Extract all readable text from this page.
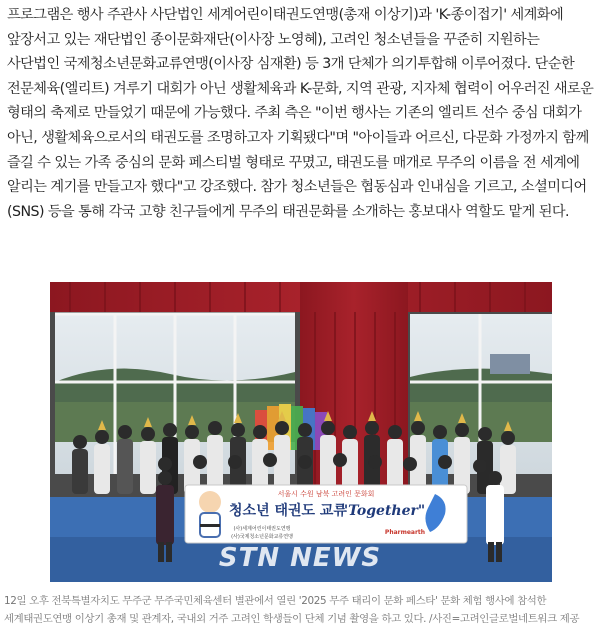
프로그램은 행사 주관사 사단법인 세계어린이태권도연맹(총재 이상기)과 'K-종이접기' 세계화에 앞장서고 있는 재단법인 종이문화재단(이사장 노영혜), 고려인 청소년들을 꾸준히 지원하는 사단법인 국제청소년문화교류연맹(이사장 심재환) 등 3개 단체가 의기투합해 이루어졌다. 단순한 전문체육(엘리트) 겨루기 대회가 아닌 생활체육과 K-문화, 지역 관광, 지자체 협력이 어우러진 새로운 형태의 축제로 만들었기 때문에 가능했다. 주최 측은 "이번 행사는 기존의 엘리트 선수 중심 대회가 아닌, 생활체육으로서의 태권도를 조명하고자 기획됐다"며 "아이들과 어르신, 다문화 가정까지 함께 즐길 수 있는 가족 중심의 문화 페스티벌 형태로 꾸몄고, 태권도를 매개로 무주의 이름을 전 세계에 알리는 계기를 만들고자 했다"고 강조했다. 참가 청소년들은 협동심과 인내심을 기르고, 소셜미디어(SNS) 등을 통해 각국 고향 친구들에게 무주의 태권문화를 소개하는 홍보대사 역할도 맡게 된다.

서울시 수원 남북 고려인 문화회
청소년 태권도 교류
"Together"
(사)세계어린이태권도연맹
(사)국제청소년문화교류연맹
Pharmearth
STN NEWS

12일 오후 전북특별자치도 무주군 무주국민체육센터 별관에서 열린 '2025 무주 태리이 문화 페스타' 문화 체험 행사에 참석한 세계태권도연맹 이상기 총재 및 관계자, 국내외 거주 고려인 학생들이 단체 기념 촬영을 하고 있다. /사진=고려인글로벌네트워크 제공
